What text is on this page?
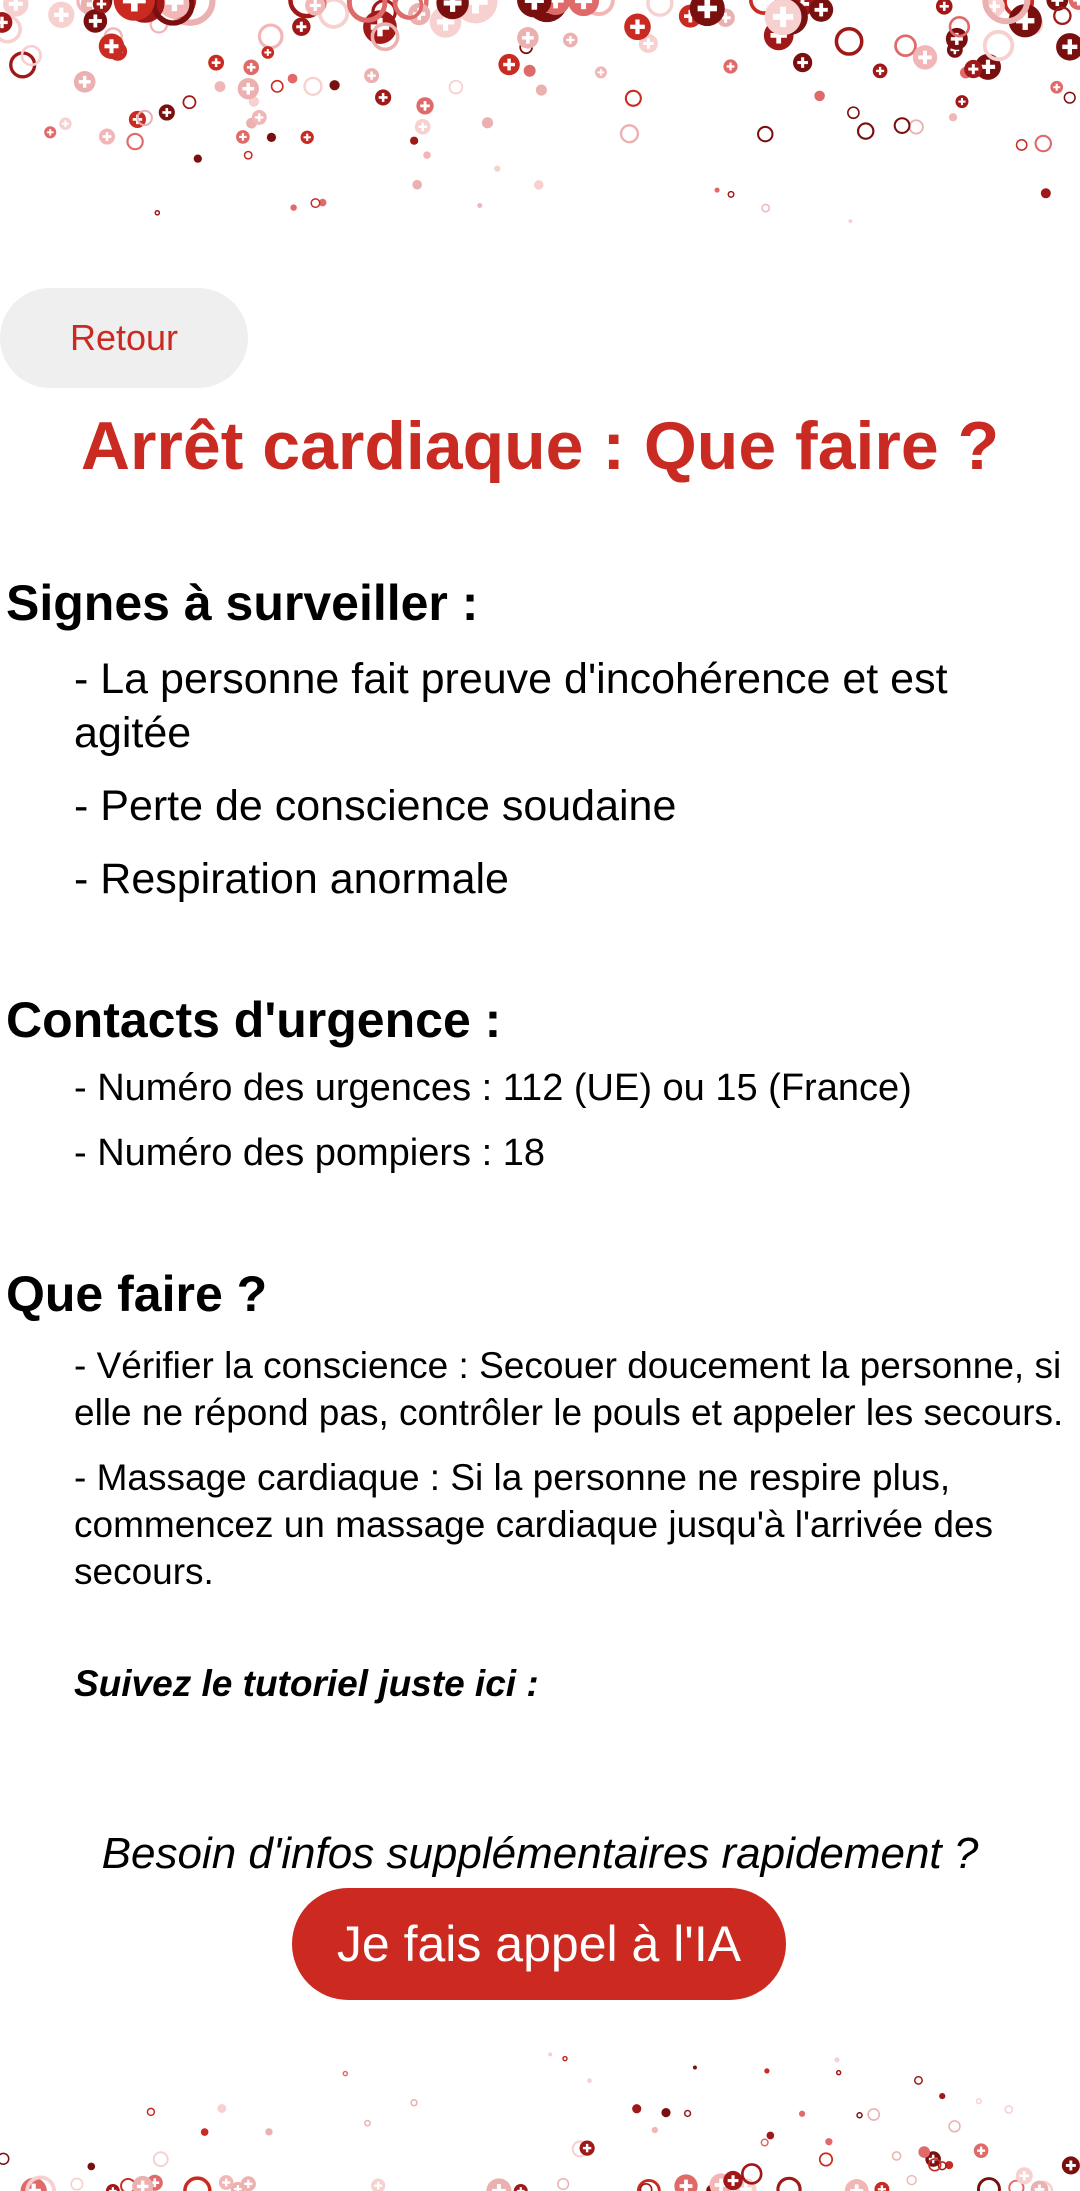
Retour
Arrêt cardiaque : Que faire ?
Signes à surveiller :
- La personne fait preuve d'incohérence et est agitée
- Perte de conscience soudaine
- Respiration anormale
Contacts d'urgence :
- Numéro des urgences : 112 (UE) ou 15 (France)
- Numéro des pompiers : 18
Que faire ?
- Vérifier la conscience : Secouer doucement la personne, si elle ne répond pas, contrôler le pouls et appeler les secours.
- Massage cardiaque : Si la personne ne respire plus, commencez un massage cardiaque jusqu'à l'arrivée des secours.

Suivez le tutoriel juste ici :

Besoin d'infos supplémentaires rapidement ?

Je fais appel à l'IA
